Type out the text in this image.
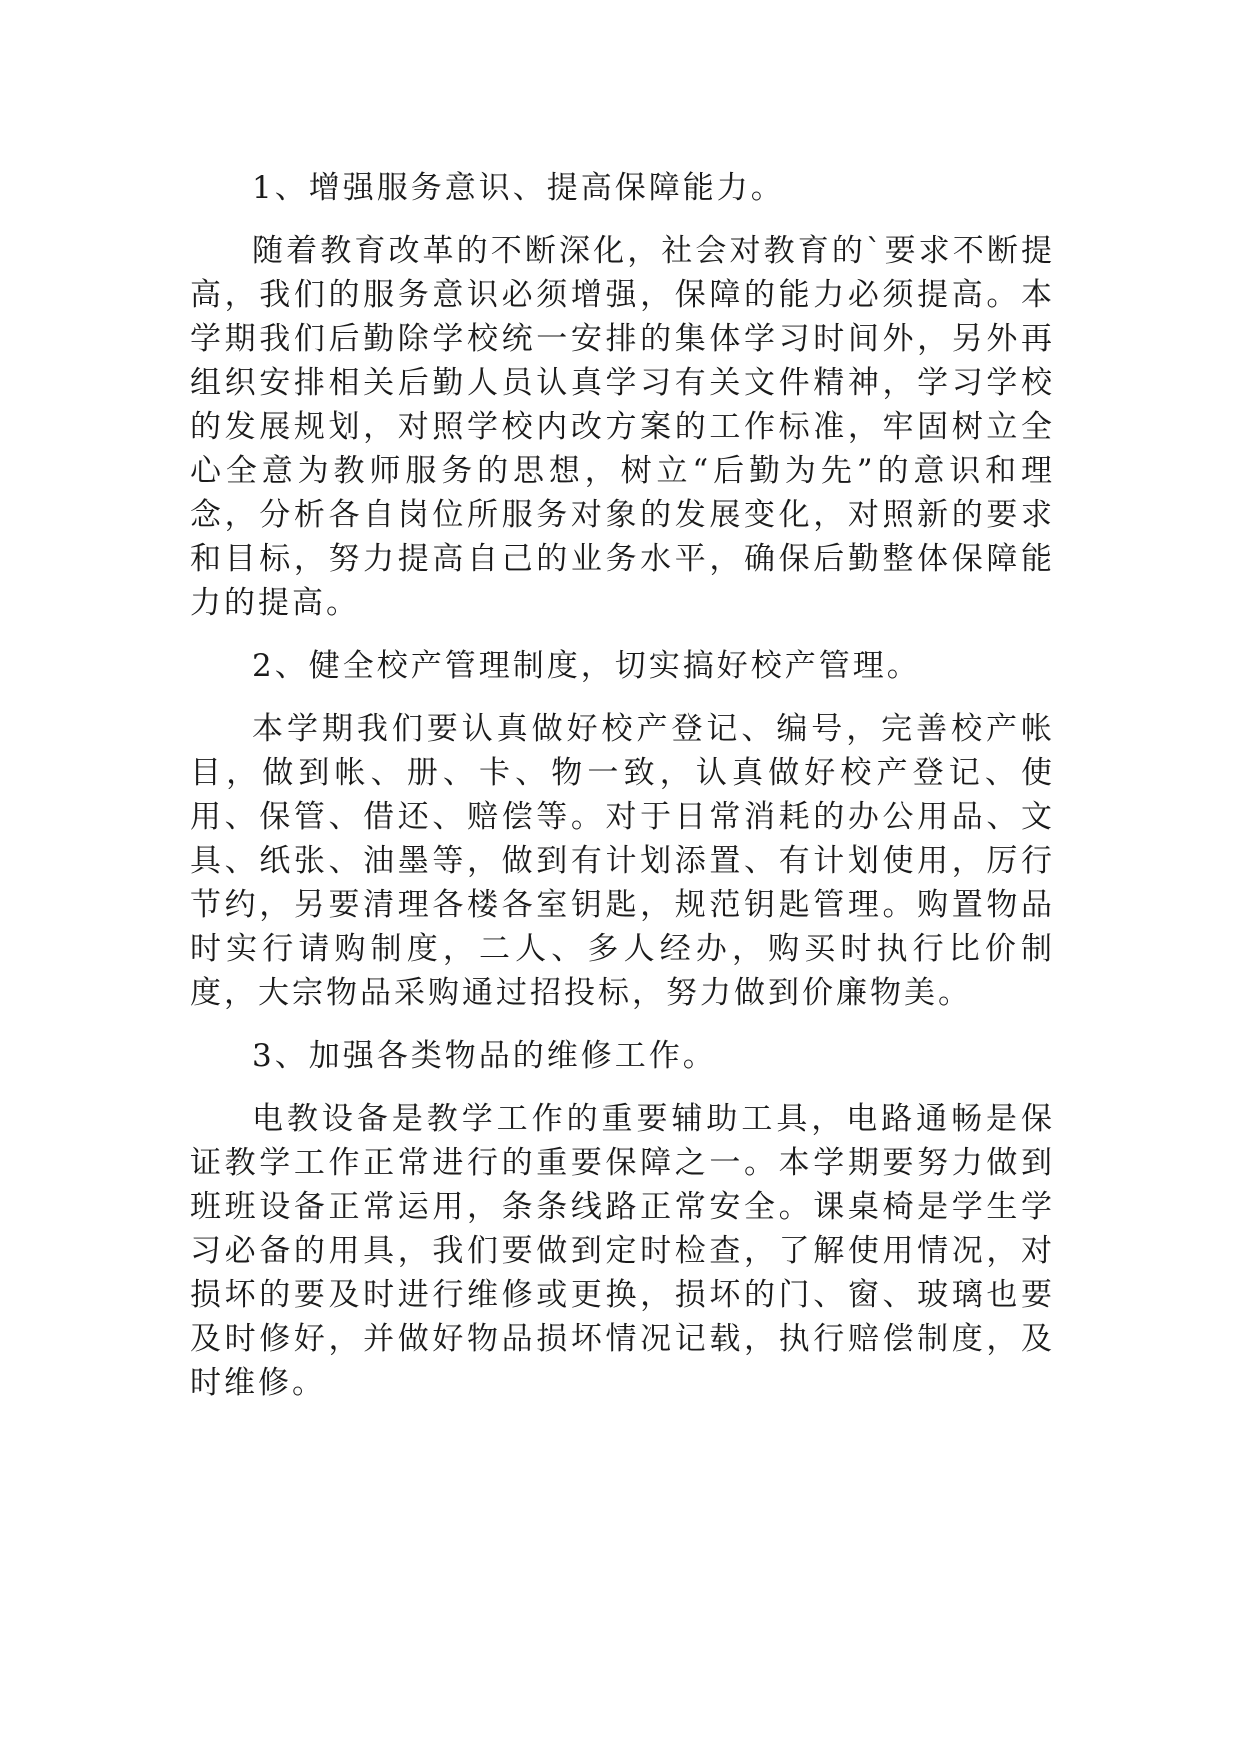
1、增强服务意识、提高保障能力。

随着教育改革的不断深化，社会对教育的`要求不断提高，我们的服务意识必须增强，保障的能力必须提高。本学期我们后勤除学校统一安排的集体学习时间外，另外再组织安排相关后勤人员认真学习有关文件精神，学习学校的发展规划，对照学校内改方案的工作标准，牢固树立全心全意为教师服务的思想，树立“后勤为先”的意识和理念，分析各自岗位所服务对象的发展变化，对照新的要求和目标，努力提高自己的业务水平，确保后勤整体保障能力的提高。

2、健全校产管理制度，切实搞好校产管理。

本学期我们要认真做好校产登记、编号，完善校产帐目，做到帐、册、卡、物一致，认真做好校产登记、使用、保管、借还、赔偿等。对于日常消耗的办公用品、文具、纸张、油墨等，做到有计划添置、有计划使用，厉行节约，另要清理各楼各室钥匙，规范钥匙管理。购置物品时实行请购制度，二人、多人经办，购买时执行比价制度，大宗物品采购通过招投标，努力做到价廉物美。

3、加强各类物品的维修工作。

电教设备是教学工作的重要辅助工具，电路通畅是保证教学工作正常进行的重要保障之一。本学期要努力做到班班设备正常运用，条条线路正常安全。课桌椅是学生学习必备的用具，我们要做到定时检查，了解使用情况，对损坏的要及时进行维修或更换，损坏的门、窗、玻璃也要及时修好，并做好物品损坏情况记载，执行赔偿制度，及时维修。
